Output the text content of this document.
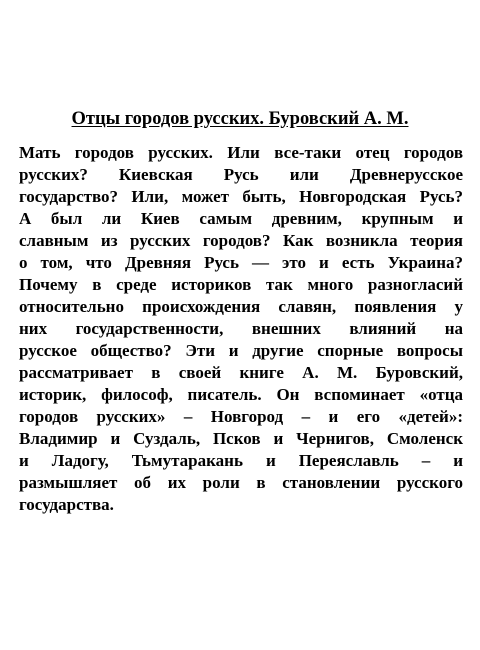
Отцы городов русских. Буровский А. М.
Мать городов русских. Или все-таки отец городов
русских? Киевская Русь или Древнерусское
государство? Или, может быть, Новгородская Русь?
А был ли Киев самым древним, крупным и
славным из русских городов? Как возникла теория
о том, что Древняя Русь — это и есть Украина?
Почему в среде историков так много разногласий
относительно происхождения славян, появления у
них государственности, внешних влияний на
русское общество? Эти и другие спорные вопросы
рассматривает в своей книге А. М. Буровский,
историк, философ, писатель. Он вспоминает «отца
городов русских» – Новгород – и его «детей»:
Владимир и Суздаль, Псков и Чернигов, Смоленск
и Ладогу, Тьмутаракань и Переяславль – и
размышляет об их роли в становлении русского
государства.
